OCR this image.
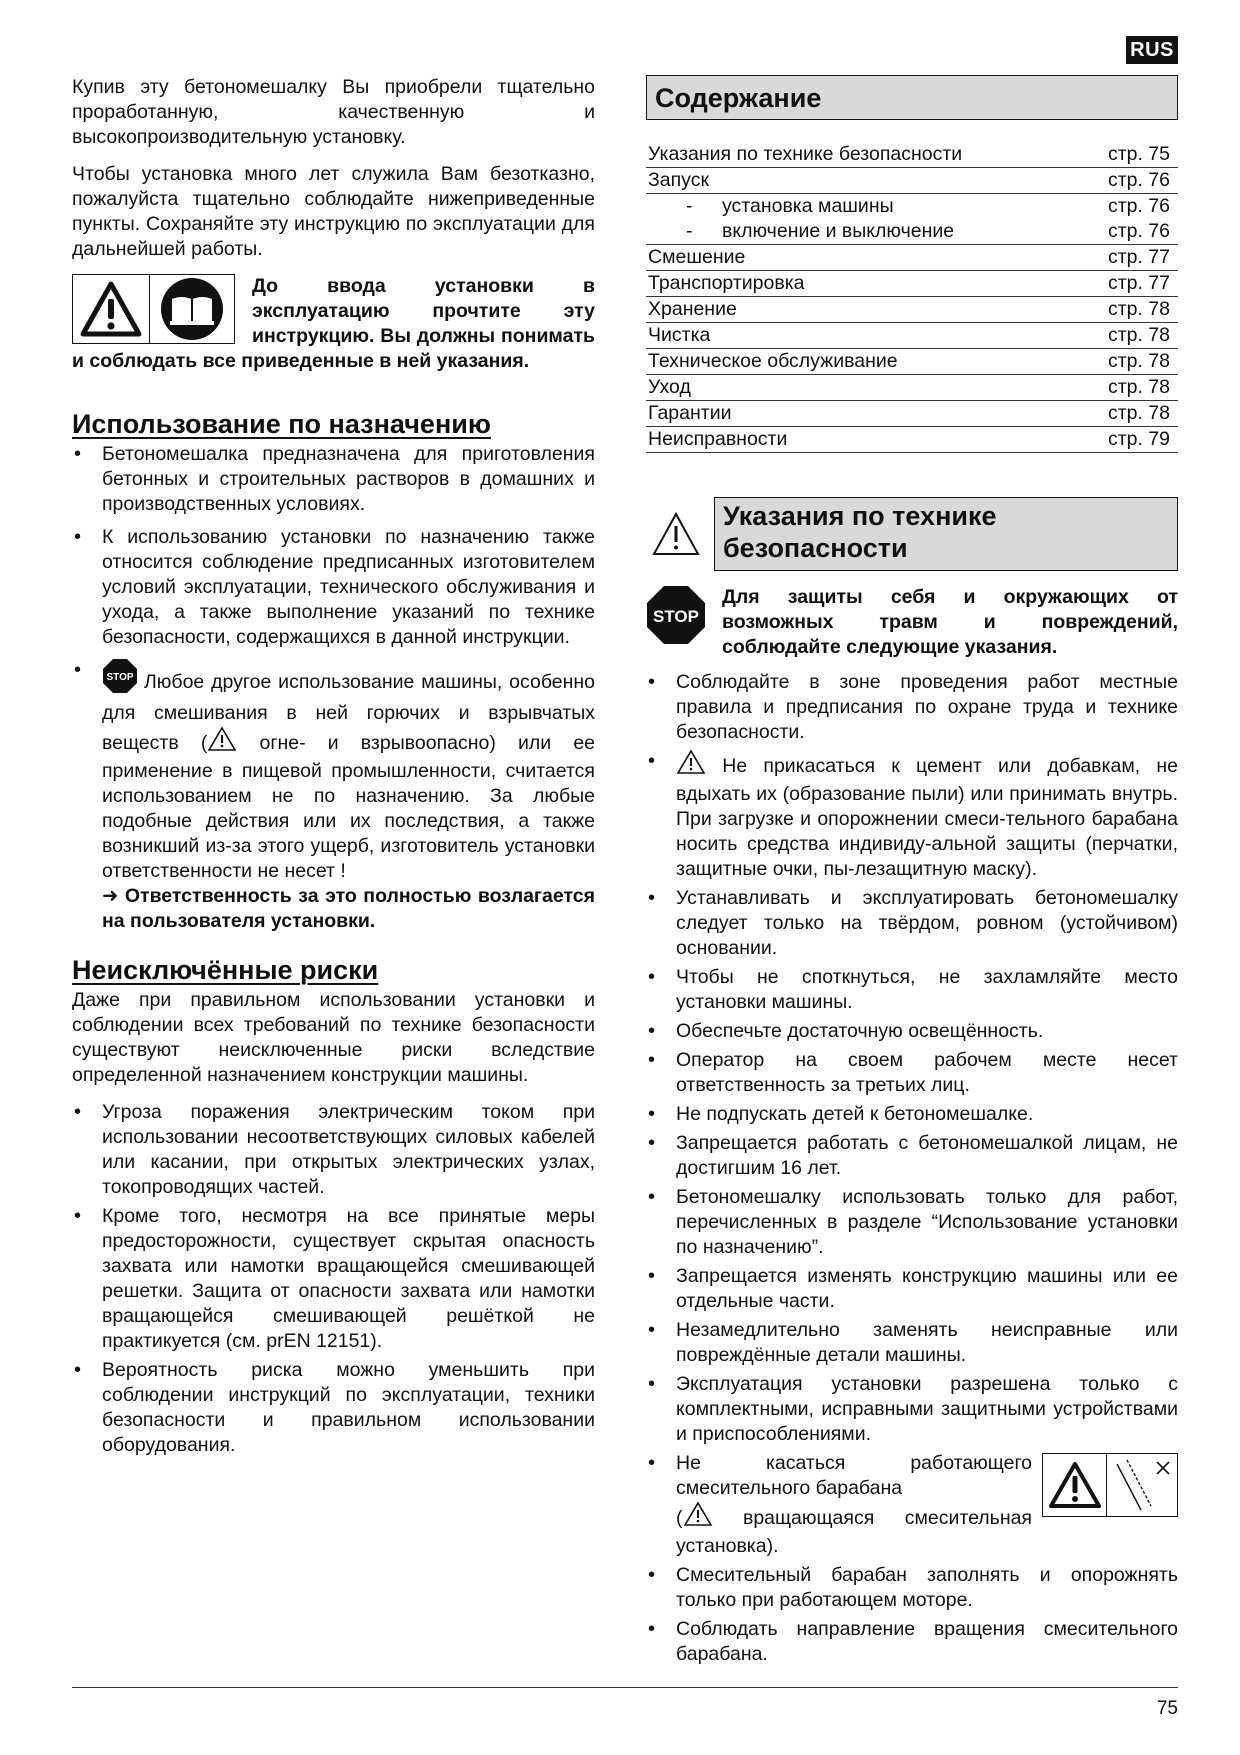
RUS

Купив эту бетономешалку Вы приобрели тщательно проработанную, качественную и высокопроизводительную установку.

Чтобы установка много лет служила Вам безотказно, пожалуйста тщательно соблюдайте нижеприведенные пункты. Сохраняйте эту инструкцию по эксплуатации для дальнейшей работы.

До ввода установки в эксплуатацию прочтите эту инструкцию. Вы должны понимать и соблюдать все приведенные в ней указания.
Использование по назначению
• Бетономешалка предназначена для приготовления бетонных и строительных растворов в домашних и производственных условиях.
• К использованию установки по назначению также относится соблюдение предписанных изготовителем условий эксплуатации, технического обслуживания и ухода, а также выполнение указаний по технике безопасности, содержащихся в данной инструкции.
• STOP Любое другое использование машины, особенно для смешивания в ней горючих и взрывчатых веществ ( огне- и взрывоопасно) или ее применение в пищевой промышленности, считается использованием не по назначению. За любые подобные действия или их последствия, а также возникший из-за этого ущерб, изготовитель установки ответственности не несет !
➜ Ответственность за это полностью возлагается на пользователя установки.
Неисключённые риски

Даже при правильном использовании установки и соблюдении всех требований по технике безопасности существуют неисключенные риски вследствие определенной назначением конструкции машины.

• Угроза поражения электрическим током при использовании несоответствующих силовых кабелей или касании, при открытых электрических узлах, токопроводящих частей.
• Кроме того, несмотря на все принятые меры предосторожности, существует скрытая опасность захвата или намотки вращающейся смешивающей решетки. Защита от опасности захвата или намотки вращающейся смешивающей решёткой не практикуется (см. prEN 12151).
• Вероятность риска можно уменьшить при соблюдении инструкций по эксплуатации, техники безопасности и правильном использовании оборудования.
Содержание
Указания по технике безопасности	стр. 75
Запуск	стр. 76
- установка машины	стр. 76
- включение и выключение	стр. 76
Смешение	стр. 77
Транспортировка	стр. 77
Хранение	стр. 78
Чистка	стр. 78
Техническое обслуживание	стр. 78
Уход	стр. 78
Гарантии	стр. 78
Неисправности	стр. 79
Указания по технике безопасности
STOP
Для защиты себя и окружающих от возможных травм и повреждений, соблюдайте следующие указания.
• Соблюдайте в зоне проведения работ местные правила и предписания по охране труда и технике безопасности.
• Не прикасаться к цемент или добавкам, не вдыхать их (образование пыли) или принимать внутрь. При загрузке и опорожнении смеси-тельного барабана носить средства индивиду-альной защиты (перчатки, защитные очки, пы-лезащитную маску).
• Устанавливать и эксплуатировать бетономешалку следует только на твёрдом, ровном (устойчивом) основании.
• Чтобы не споткнуться, не захламляйте место установки машины.
• Обеспечьте достаточную освещённость.
• Оператор на своем рабочем месте несет ответственность за третьих лиц.
• Не подпускать детей к бетономешалке.
• Запрещается работать с бетономешалкой лицам, не достигшим 16 лет.
• Бетономешалку использовать только для работ, перечисленных в разделе “Использование установки по назначению”.
• Запрещается изменять конструкцию машины или ее отдельные части.
• Незамедлительно заменять неисправные или повреждённые детали машины.
• Эксплуатация установки разрешена только с комплектными, исправными защитными устройствами и приспособлениями.
• Не касаться работающего смесительного барабана
(	вращающаяся смесительная установка).
• Смесительный барабан заполнять и опорожнять только при работающем моторе.
• Соблюдать направление вращения смесительного барабана.
75
